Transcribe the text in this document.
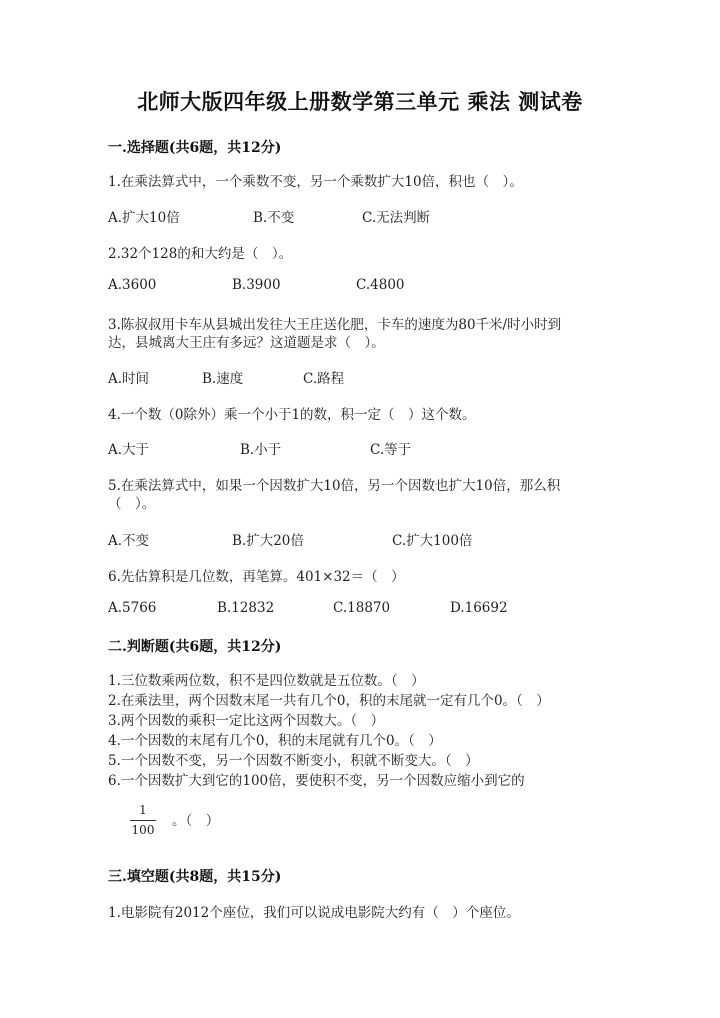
北师大版四年级上册数学第三单元 乘法 测试卷
一.选择题(共6题，共12分)
1.在乘法算式中，一个乘数不变，另一个乘数扩大10倍，积也（　）。
A.扩大10倍	B.不变	C.无法判断
2.32个128的和大约是（　）。
A.3600	B.3900	C.4800
3.陈叔叔用卡车从县城出发往大王庄送化肥，卡车的速度为80千米/时小时到
达，县城离大王庄有多远？这道题是求（　）。
A.时间	B.速度	C.路程
4.一个数（0除外）乘一个小于1的数，积一定（　）这个数。
A.大于	B.小于	C.等于
5.在乘法算式中，如果一个因数扩大10倍，另一个因数也扩大10倍，那么积
（　）。
A.不变	B.扩大20倍	C.扩大100倍
6.先估算积是几位数，再笔算。401×32＝（　）
A.5766	B.12832	C.18870	D.16692
二.判断题(共6题，共12分)
1.三位数乘两位数，积不是四位数就是五位数。（　）
2.在乘法里，两个因数末尾一共有几个0，积的末尾就一定有几个0。（　）
3.两个因数的乘积一定比这两个因数大。（　）
4.一个因数的末尾有几个0，积的末尾就有几个0。（　）
5.一个因数不变，另一个因数不断变小，积就不断变大。（　）
6.一个因数扩大到它的100倍，要使积不变，另一个因数应缩小到它的
1
100
。（　）
三.填空题(共8题，共15分)
1.电影院有2012个座位，我们可以说成电影院大约有（　）个座位。
